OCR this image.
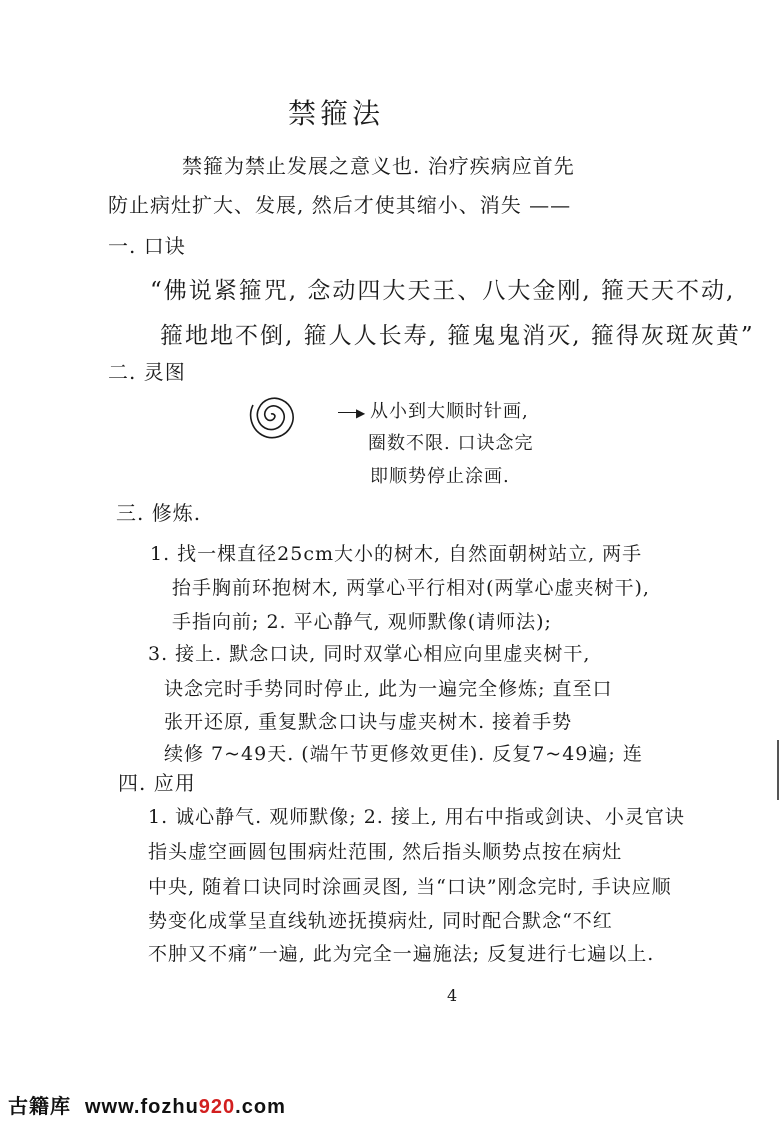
禁箍法
禁箍为禁止发展之意义也. 治疗疾病应首先
防止病灶扩大、发展, 然后才使其缩小、消失 ——
一. 口诀
“佛说紧箍咒, 念动四大天王、八大金刚, 箍天天不动,
箍地地不倒, 箍人人长寿, 箍鬼鬼消灭, 箍得灰斑灰黄”
二. 灵图
▶ 从小到大顺时针画,
圈数不限. 口诀念完
即顺势停止涂画.
三. 修炼.
1. 找一棵直径25cm大小的树木, 自然面朝树站立, 两手
抬手胸前环抱树木, 两掌心平行相对(两掌心虚夹树干),
手指向前; 2. 平心静气, 观师默像(请师法);
3. 接上. 默念口诀, 同时双掌心相应向里虚夹树干,
诀念完时手势同时停止, 此为一遍完全修炼; 直至口
张开还原, 重复默念口诀与虚夹树木. 接着手势
续修 7~49天. (端午节更修效更佳). 反复7~49遍; 连
四. 应用
1. 诚心静气. 观师默像; 2. 接上, 用右中指或剑诀、小灵官诀
指头虚空画圆包围病灶范围, 然后指头顺势点按在病灶
中央, 随着口诀同时涂画灵图, 当“口诀”刚念完时, 手诀应顺
势变化成掌呈直线轨迹抚摸病灶, 同时配合默念“不红
不肿又不痛”一遍, 此为完全一遍施法; 反复进行七遍以上.
4
古籍库 www.fozhu920.com
